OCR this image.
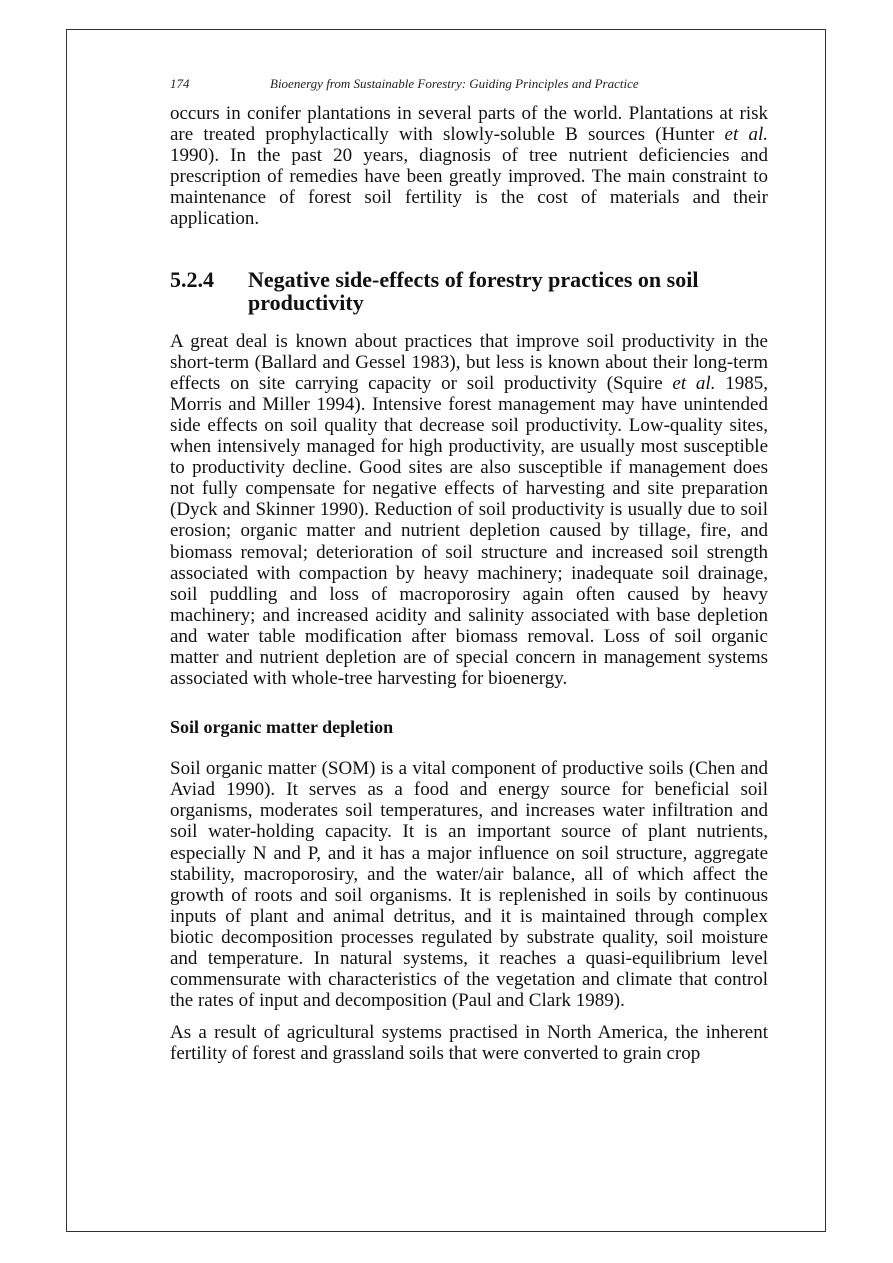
174	Bioenergy from Sustainable Forestry: Guiding Principles and Practice

occurs in conifer plantations in several parts of the world. Plantations at risk are treated prophylactically with slowly-soluble B sources (Hunter et al. 1990). In the past 20 years, diagnosis of tree nutrient deficiencies and prescription of remedies have been greatly improved. The main constraint to maintenance of forest soil fertility is the cost of materials and their application.

5.2.4	Negative side-effects of forestry practices on soil productivity

A great deal is known about practices that improve soil productivity in the short-term (Ballard and Gessel 1983), but less is known about their long-term effects on site carrying capacity or soil productivity (Squire et al. 1985, Morris and Miller 1994). Intensive forest management may have unintended side effects on soil quality that decrease soil productivity. Low-quality sites, when intensively managed for high productivity, are usually most susceptible to productivity decline. Good sites are also susceptible if management does not fully compensate for negative effects of harvesting and site preparation (Dyck and Skinner 1990). Reduction of soil productivity is usually due to soil erosion; organic matter and nutrient depletion caused by tillage, fire, and biomass removal; deterioration of soil structure and increased soil strength associated with compaction by heavy machinery; inadequate soil drainage, soil puddling and loss of macroporosiry again often caused by heavy machinery; and increased acidity and salinity associated with base depletion and water table modification after biomass removal. Loss of soil organic matter and nutrient depletion are of special concern in management systems associated with whole-tree harvesting for bioenergy.

Soil organic matter depletion

Soil organic matter (SOM) is a vital component of productive soils (Chen and Aviad 1990). It serves as a food and energy source for beneficial soil organisms, moderates soil temperatures, and increases water infiltration and soil water-holding capacity. It is an important source of plant nutrients, especially N and P, and it has a major influence on soil structure, aggregate stability, macroporosiry, and the water/air balance, all of which affect the growth of roots and soil organisms. It is replenished in soils by continuous inputs of plant and animal detritus, and it is maintained through complex biotic decomposition processes regulated by substrate quality, soil moisture and temperature. In natural systems, it reaches a quasi-equilibrium level commensurate with characteristics of the vegetation and climate that control the rates of input and decomposition (Paul and Clark 1989).

As a result of agricultural systems practised in North America, the inherent fertility of forest and grassland soils that were converted to grain crop
